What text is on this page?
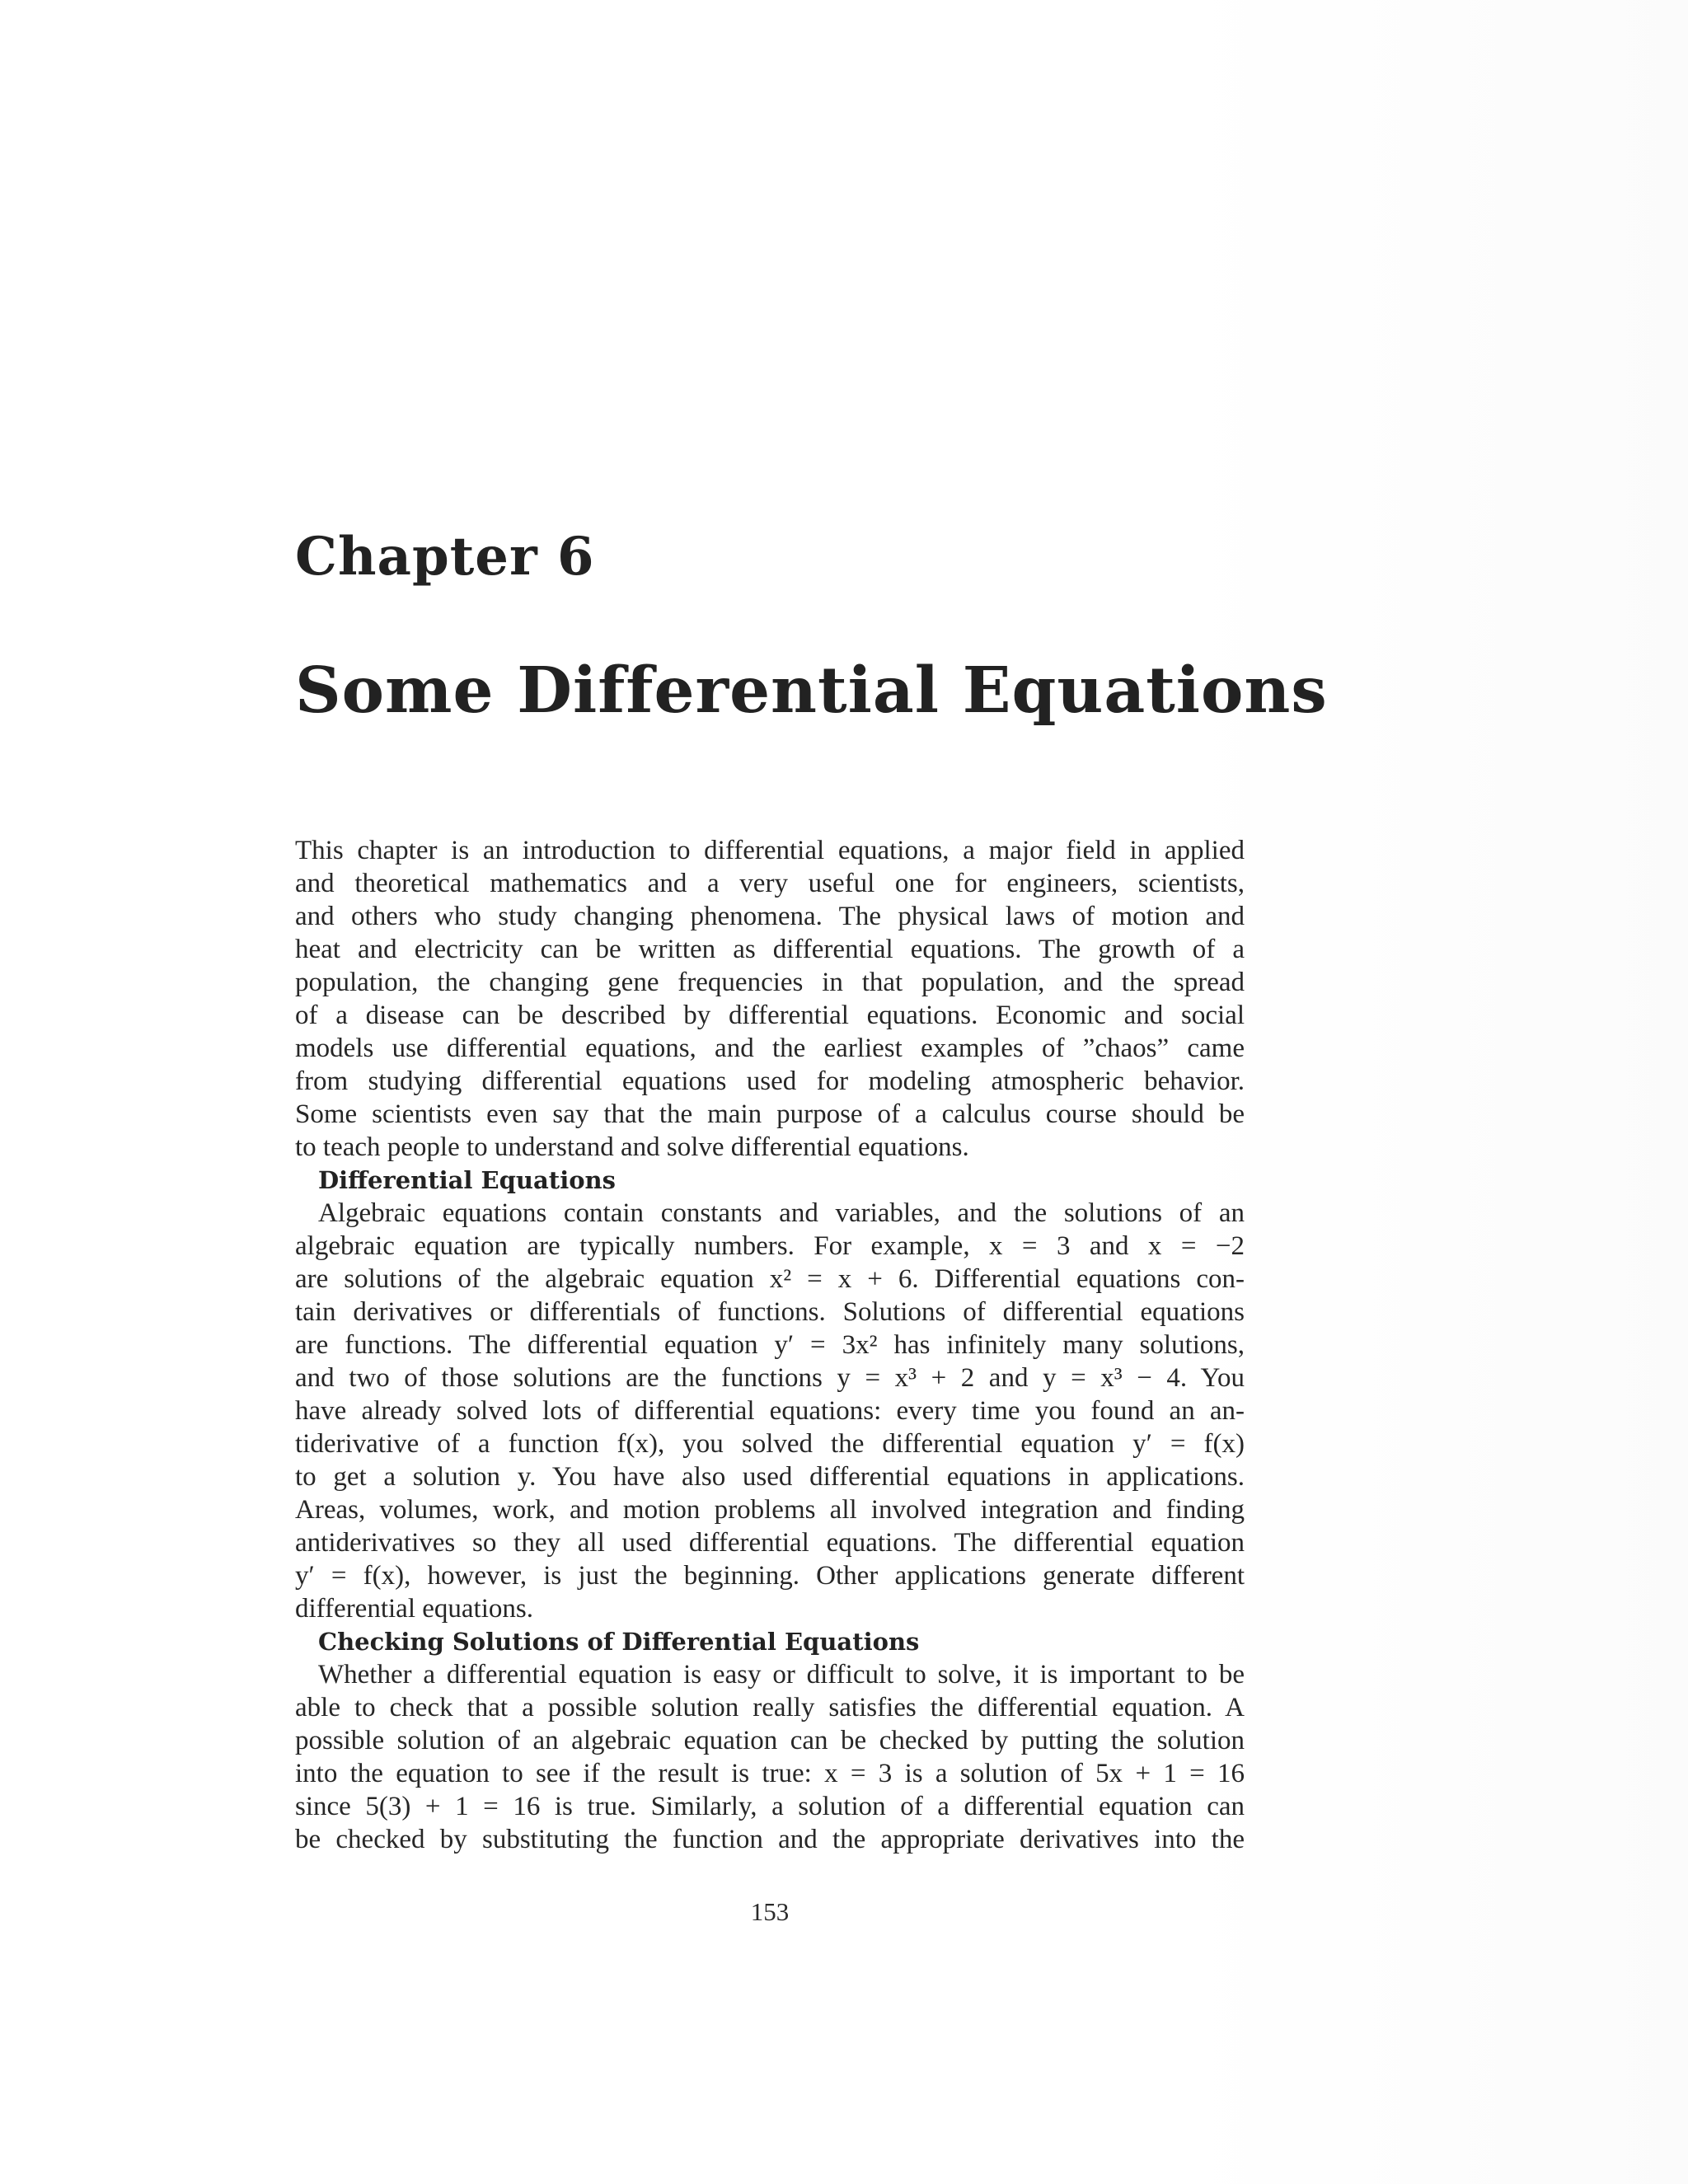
Chapter 6
Some Differential Equations
This chapter is an introduction to differential equations, a major field in applied
and theoretical mathematics and a very useful one for engineers, scientists,
and others who study changing phenomena. The physical laws of motion and
heat and electricity can be written as differential equations. The growth of a
population, the changing gene frequencies in that population, and the spread
of a disease can be described by differential equations. Economic and social
models use differential equations, and the earliest examples of ”chaos” came
from studying differential equations used for modeling atmospheric behavior.
Some scientists even say that the main purpose of a calculus course should be
to teach people to understand and solve differential equations.
Differential Equations
Algebraic equations contain constants and variables, and the solutions of an
algebraic equation are typically numbers. For example, x = 3 and x = −2
are solutions of the algebraic equation x² = x + 6. Differential equations con-
tain derivatives or differentials of functions. Solutions of differential equations
are functions. The differential equation y′ = 3x² has infinitely many solutions,
and two of those solutions are the functions y = x³ + 2 and y = x³ − 4. You
have already solved lots of differential equations: every time you found an an-
tiderivative of a function f(x), you solved the differential equation y′ = f(x)
to get a solution y. You have also used differential equations in applications.
Areas, volumes, work, and motion problems all involved integration and finding
antiderivatives so they all used differential equations. The differential equation
y′ = f(x), however, is just the beginning. Other applications generate different
differential equations.
Checking Solutions of Differential Equations
Whether a differential equation is easy or difficult to solve, it is important to be
able to check that a possible solution really satisfies the differential equation. A
possible solution of an algebraic equation can be checked by putting the solution
into the equation to see if the result is true: x = 3 is a solution of 5x + 1 = 16
since 5(3) + 1 = 16 is true. Similarly, a solution of a differential equation can
be checked by substituting the function and the appropriate derivatives into the
153
